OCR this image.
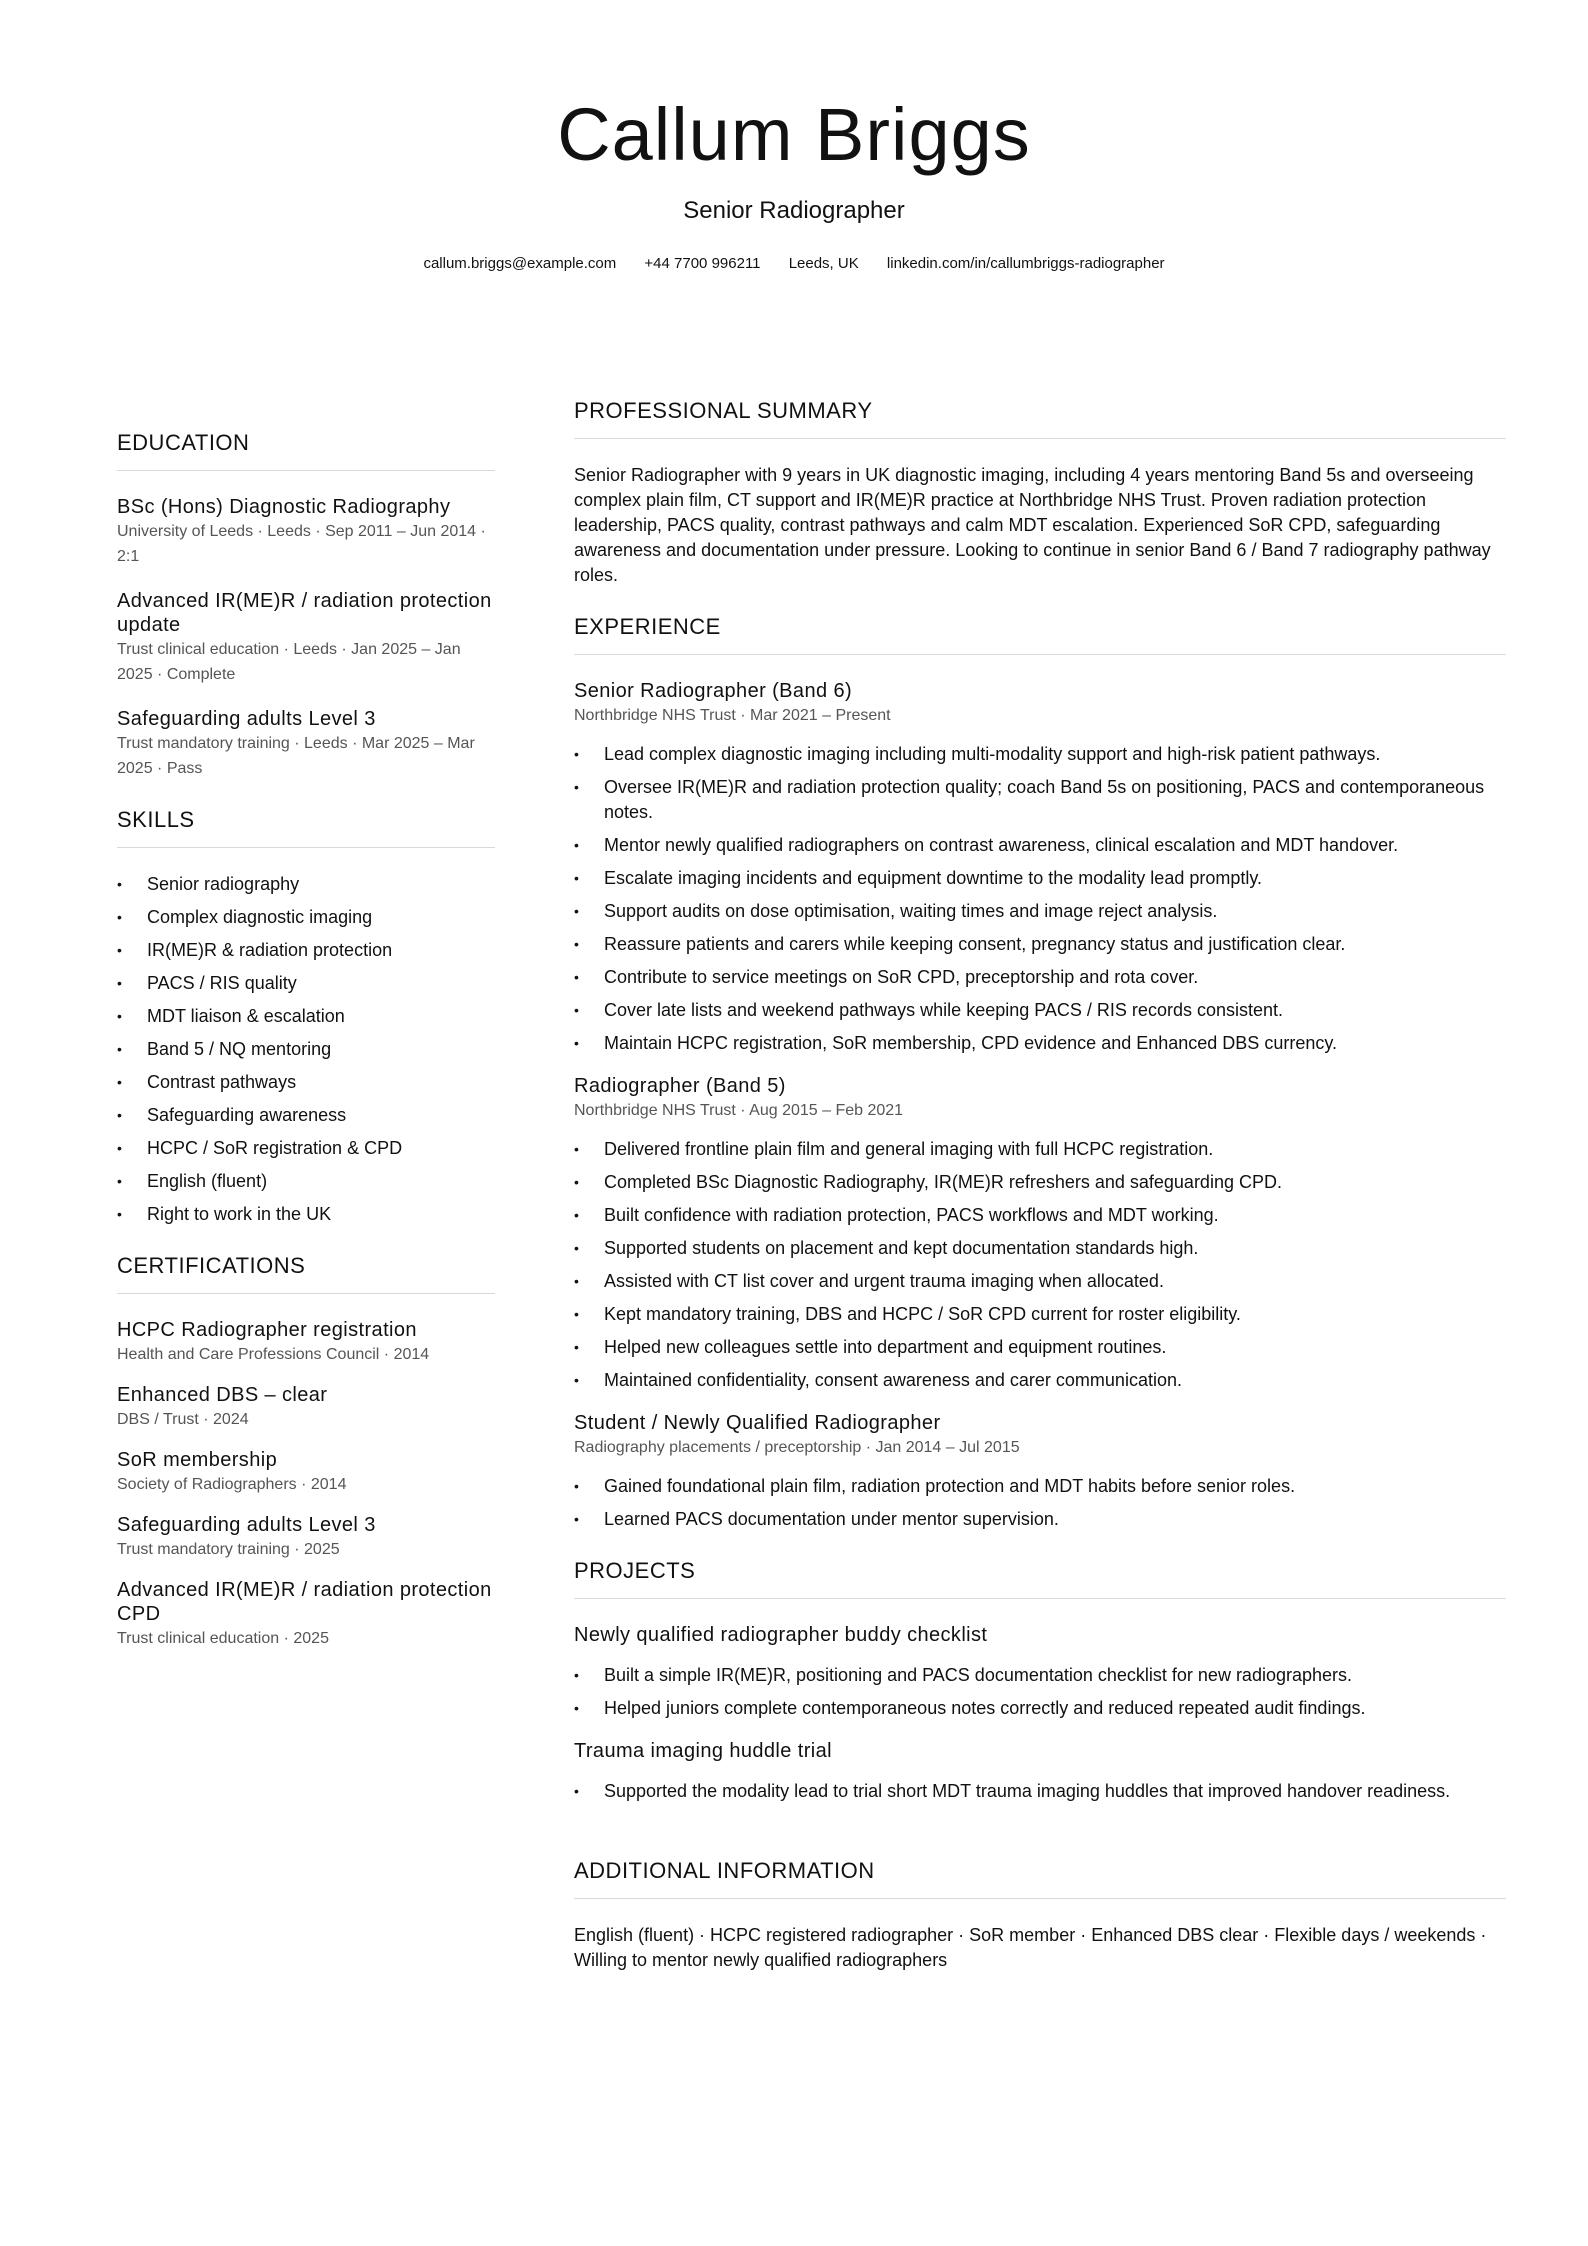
Callum Briggs
Senior Radiographer
callum.briggs@example.com +44 7700 996211 Leeds, UK linkedin.com/in/callumbriggs-radiographer
EDUCATION
BSc (Hons) Diagnostic Radiography
University of Leeds · Leeds · Sep 2011 – Jun 2014 · 2:1
Advanced IR(ME)R / radiation protection update
Trust clinical education · Leeds · Jan 2025 – Jan 2025 · Complete
Safeguarding adults Level 3
Trust mandatory training · Leeds · Mar 2025 – Mar 2025 · Pass
SKILLS
• Senior radiography
• Complex diagnostic imaging
• IR(ME)R & radiation protection
• PACS / RIS quality
• MDT liaison & escalation
• Band 5 / NQ mentoring
• Contrast pathways
• Safeguarding awareness
• HCPC / SoR registration & CPD
• English (fluent)
• Right to work in the UK
CERTIFICATIONS
HCPC Radiographer registration
Health and Care Professions Council · 2014
Enhanced DBS – clear
DBS / Trust · 2024
SoR membership
Society of Radiographers · 2014
Safeguarding adults Level 3
Trust mandatory training · 2025
Advanced IR(ME)R / radiation protection CPD
Trust clinical education · 2025
PROFESSIONAL SUMMARY

Senior Radiographer with 9 years in UK diagnostic imaging, including 4 years mentoring Band 5s and overseeing complex plain film, CT support and IR(ME)R practice at Northbridge NHS Trust. Proven radiation protection leadership, PACS quality, contrast pathways and calm MDT escalation. Experienced SoR CPD, safeguarding awareness and documentation under pressure. Looking to continue in senior Band 6 / Band 7 radiography pathway roles.

EXPERIENCE
Senior Radiographer (Band 6)
Northbridge NHS Trust · Mar 2021 – Present
• Lead complex diagnostic imaging including multi-modality support and high-risk patient pathways.
• Oversee IR(ME)R and radiation protection quality; coach Band 5s on positioning, PACS and contemporaneous notes.
• Mentor newly qualified radiographers on contrast awareness, clinical escalation and MDT handover.
• Escalate imaging incidents and equipment downtime to the modality lead promptly.
• Support audits on dose optimisation, waiting times and image reject analysis.
• Reassure patients and carers while keeping consent, pregnancy status and justification clear.
• Contribute to service meetings on SoR CPD, preceptorship and rota cover.
• Cover late lists and weekend pathways while keeping PACS / RIS records consistent.
• Maintain HCPC registration, SoR membership, CPD evidence and Enhanced DBS currency.
Radiographer (Band 5)
Northbridge NHS Trust · Aug 2015 – Feb 2021
• Delivered frontline plain film and general imaging with full HCPC registration.
• Completed BSc Diagnostic Radiography, IR(ME)R refreshers and safeguarding CPD.
• Built confidence with radiation protection, PACS workflows and MDT working.
• Supported students on placement and kept documentation standards high.
• Assisted with CT list cover and urgent trauma imaging when allocated.
• Kept mandatory training, DBS and HCPC / SoR CPD current for roster eligibility.
• Helped new colleagues settle into department and equipment routines.
• Maintained confidentiality, consent awareness and carer communication.
Student / Newly Qualified Radiographer
Radiography placements / preceptorship · Jan 2014 – Jul 2015
• Gained foundational plain film, radiation protection and MDT habits before senior roles.
• Learned PACS documentation under mentor supervision.
PROJECTS
Newly qualified radiographer buddy checklist
• Built a simple IR(ME)R, positioning and PACS documentation checklist for new radiographers.
• Helped juniors complete contemporaneous notes correctly and reduced repeated audit findings.
Trauma imaging huddle trial
• Supported the modality lead to trial short MDT trauma imaging huddles that improved handover readiness.
ADDITIONAL INFORMATION

English (fluent) · HCPC registered radiographer · SoR member · Enhanced DBS clear · Flexible days / weekends · Willing to mentor newly qualified radiographers
